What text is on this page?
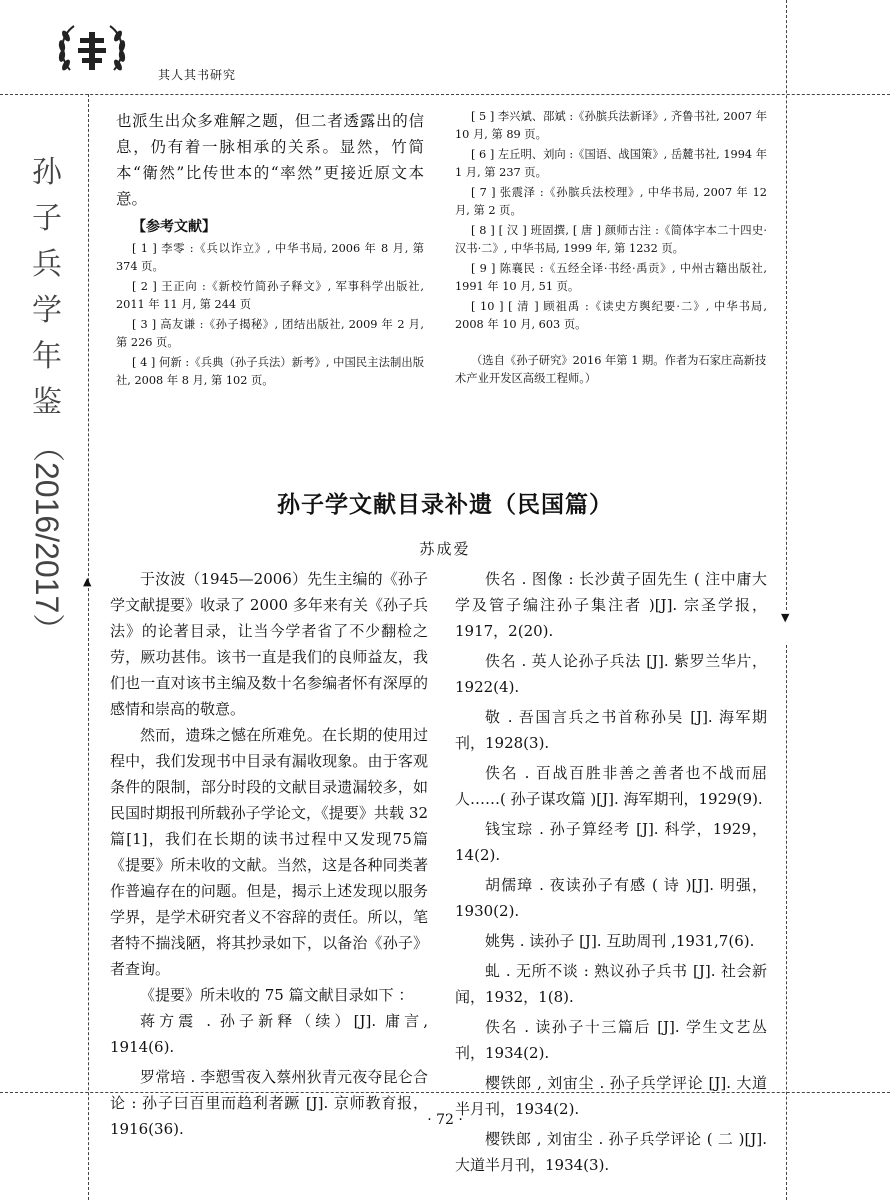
▲
▼
其人其书研究
孙
子
兵
学
年
鉴
（2016/2017）

也派生出众多难解之题，但二者透露出的信息，仍有着一脉相承的关系。显然，竹简本“衛然”比传世本的“率然”更接近原文本意。

【参考文献】

[ 1 ] 李零 :《兵以诈立》, 中华书局, 2006 年 8 月, 第 374 页。

[ 2 ] 王正向 :《新校竹简孙子释文》, 军事科学出版社, 2011 年 11 月, 第 244 页

[ 3 ] 高友谦 :《孙子揭秘》, 团结出版社, 2009 年 2 月, 第 226 页。

[ 4 ] 何新 :《兵典（孙子兵法）新考》, 中国民主法制出版社, 2008 年 8 月, 第 102 页。

[ 5 ] 李兴斌、邵斌 :《孙膑兵法新译》, 齐鲁书社, 2007 年 10 月, 第 89 页。

[ 6 ] 左丘明、刘向 :《国语、战国策》, 岳麓书社, 1994 年 1 月, 第 237 页。

[ 7 ] 张震泽 :《孙膑兵法校理》, 中华书局, 2007 年 12 月, 第 2 页。

[ 8 ] [ 汉 ] 班固撰, [ 唐 ] 颜师古注 :《简体字本二十四史·汉书·二》, 中华书局, 1999 年, 第 1232 页。

[ 9 ] 陈襄民 :《五经全译·书经·禹贡》, 中州古籍出版社, 1991 年 10 月, 51 页。

[ 10 ] [ 清 ] 顾祖禹 :《读史方舆纪要·二》, 中华书局, 2008 年 10 月, 603 页。

（选自《孙子研究》2016 年第 1 期。作者为石家庄高新技术产业开发区高级工程师。）
孙子学文献目录补遗（民国篇）
苏成爱

于汝波（1945—2006）先生主编的《孙子学文献提要》收录了 2000 多年来有关《孙子兵法》的论著目录，让当今学者省了不少翻检之劳，厥功甚伟。该书一直是我们的良师益友，我们也一直对该书主编及数十名参编者怀有深厚的感情和崇高的敬意。

然而，遗珠之憾在所难免。在长期的使用过程中，我们发现书中目录有漏收现象。由于客观条件的限制，部分时段的文献目录遗漏较多，如民国时期报刊所载孙子学论文，《提要》共载 32 篇[1]，我们在长期的读书过程中又发现75篇《提要》所未收的文献。当然，这是各种同类著作普遍存在的问题。但是，揭示上述发现以服务学界，是学术研究者义不容辞的责任。所以，笔者特不揣浅陋，将其抄录如下，以备治《孙子》者查询。

《提要》所未收的 75 篇文献目录如下 ：

蒋方震 . 孙子新释（续）[J]. 庸言, 1914(6).

罗常培 . 李愬雪夜入蔡州狄青元夜夺昆仑合论 : 孙子曰百里而趋利者蹶 [J]. 京师教育报，1916(36).

佚名 . 图像 : 长沙黄子固先生 ( 注中庸大学及管子编注孙子集注者 )[J]. 宗圣学报，1917，2(20).

佚名 . 英人论孙子兵法 [J]. 紫罗兰华片，1922(4).

敬 . 吾国言兵之书首称孙吴 [J]. 海军期刊，1928(3).

佚名 . 百战百胜非善之善者也不战而屈人……( 孙子谋攻篇 )[J]. 海军期刊，1929(9).

钱宝琮 . 孙子算经考 [J]. 科学，1929，14(2).

胡儒璋 . 夜读孙子有感 ( 诗 )[J]. 明强，1930(2).

姚隽 . 读孙子 [J]. 互助周刊 ,1931,7(6).

虬 . 无所不谈 : 熟议孙子兵书 [J]. 社会新闻，1932，1(8).

佚名 . 读孙子十三篇后 [J]. 学生文艺丛刊，1934(2).

樱铁郎 , 刘宙尘 . 孙子兵学评论 [J]. 大道半月刊，1934(2).

樱铁郎 , 刘宙尘 . 孙子兵学评论 ( 二 )[J]. 大道半月刊，1934(3).

· 72 ·
